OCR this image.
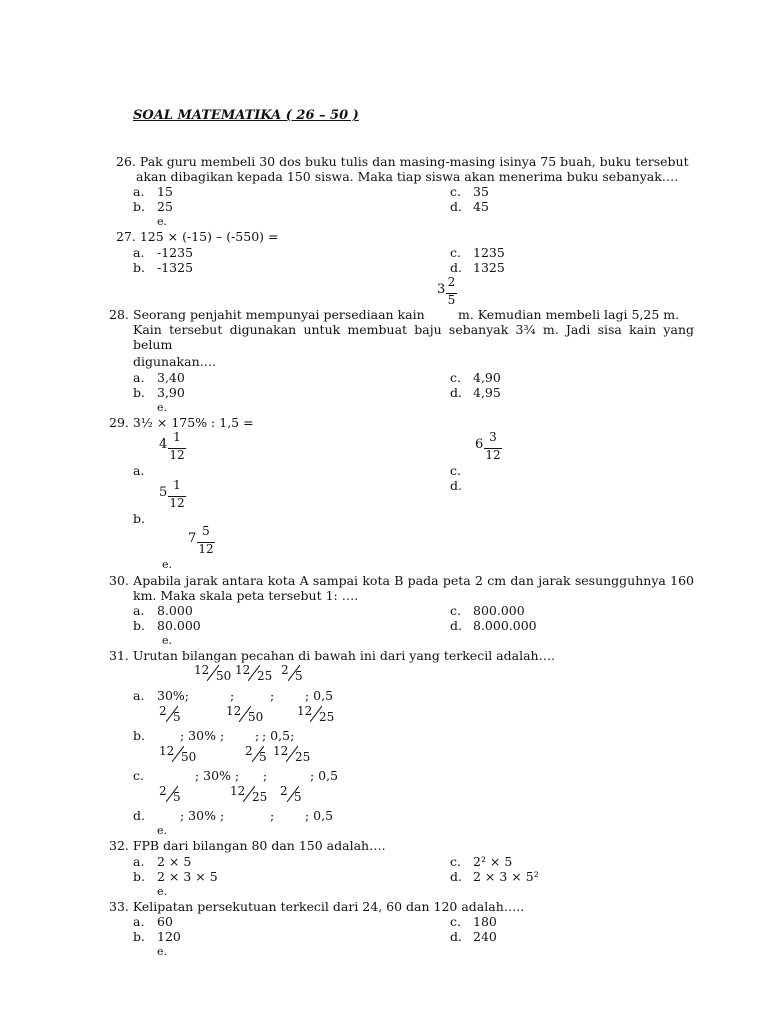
SOAL MATEMATIKA ( 26 – 50 )
26. Pak guru membeli 30 dos buku tulis dan masing-masing isinya 75 buah, buku tersebut
akan dibagikan kepada 150 siswa. Maka tiap siswa akan menerima buku sebanyak….
a. 15	c. 35
b. 25	d. 45
e.
27. 125 × (-15) – (-550) =
a. -1235	c. 1235
b. -1325	d. 1325
3 2
5
28. Seorang penjahit mempunyai persediaan kain	m. Kemudian membeli lagi 5,25 m.
Kain tersebut digunakan untuk membuat baju sebanyak 3¾ m. Jadi sisa kain yang belum
digunakan….
a. 3,40	c. 4,90
b. 3,90	d. 4,95
e.
29. 3½ × 175% : 1,5 =
4 1
12
6 3
12
a.	c.
d.
5 1
12
b.
7 5
12
e.
30. Apabila jarak antara kota A sampai kota B pada peta 2 cm dan jarak sesungguhnya 160
km. Maka skala peta tersebut 1: ….
a. 8.000	c. 800.000
b. 80.000	d. 8.000.000
e.
31. Urutan bilangan pecahan di bawah ini dari yang terkecil adalah….
12 50 12 25 2 5
a. 30%;	;	; ; 0,5
2 5	12 50	12 25
b.	; 30% ; ; ; 0,5;
12 50	2 5 12 25
c.	; 30% ; ;	; 0,5
2 5	12 25 2 5
d.	; 30% ;	; ; 0,5
e.
32. FPB dari bilangan 80 dan 150 adalah….
a. 2 × 5	c. 2² × 5
b. 2 × 3 × 5	d. 2 × 3 × 5²
e.
33. Kelipatan persekutuan terkecil dari 24, 60 dan 120 adalah…..
a. 60	c. 180
b. 120	d. 240
e.
